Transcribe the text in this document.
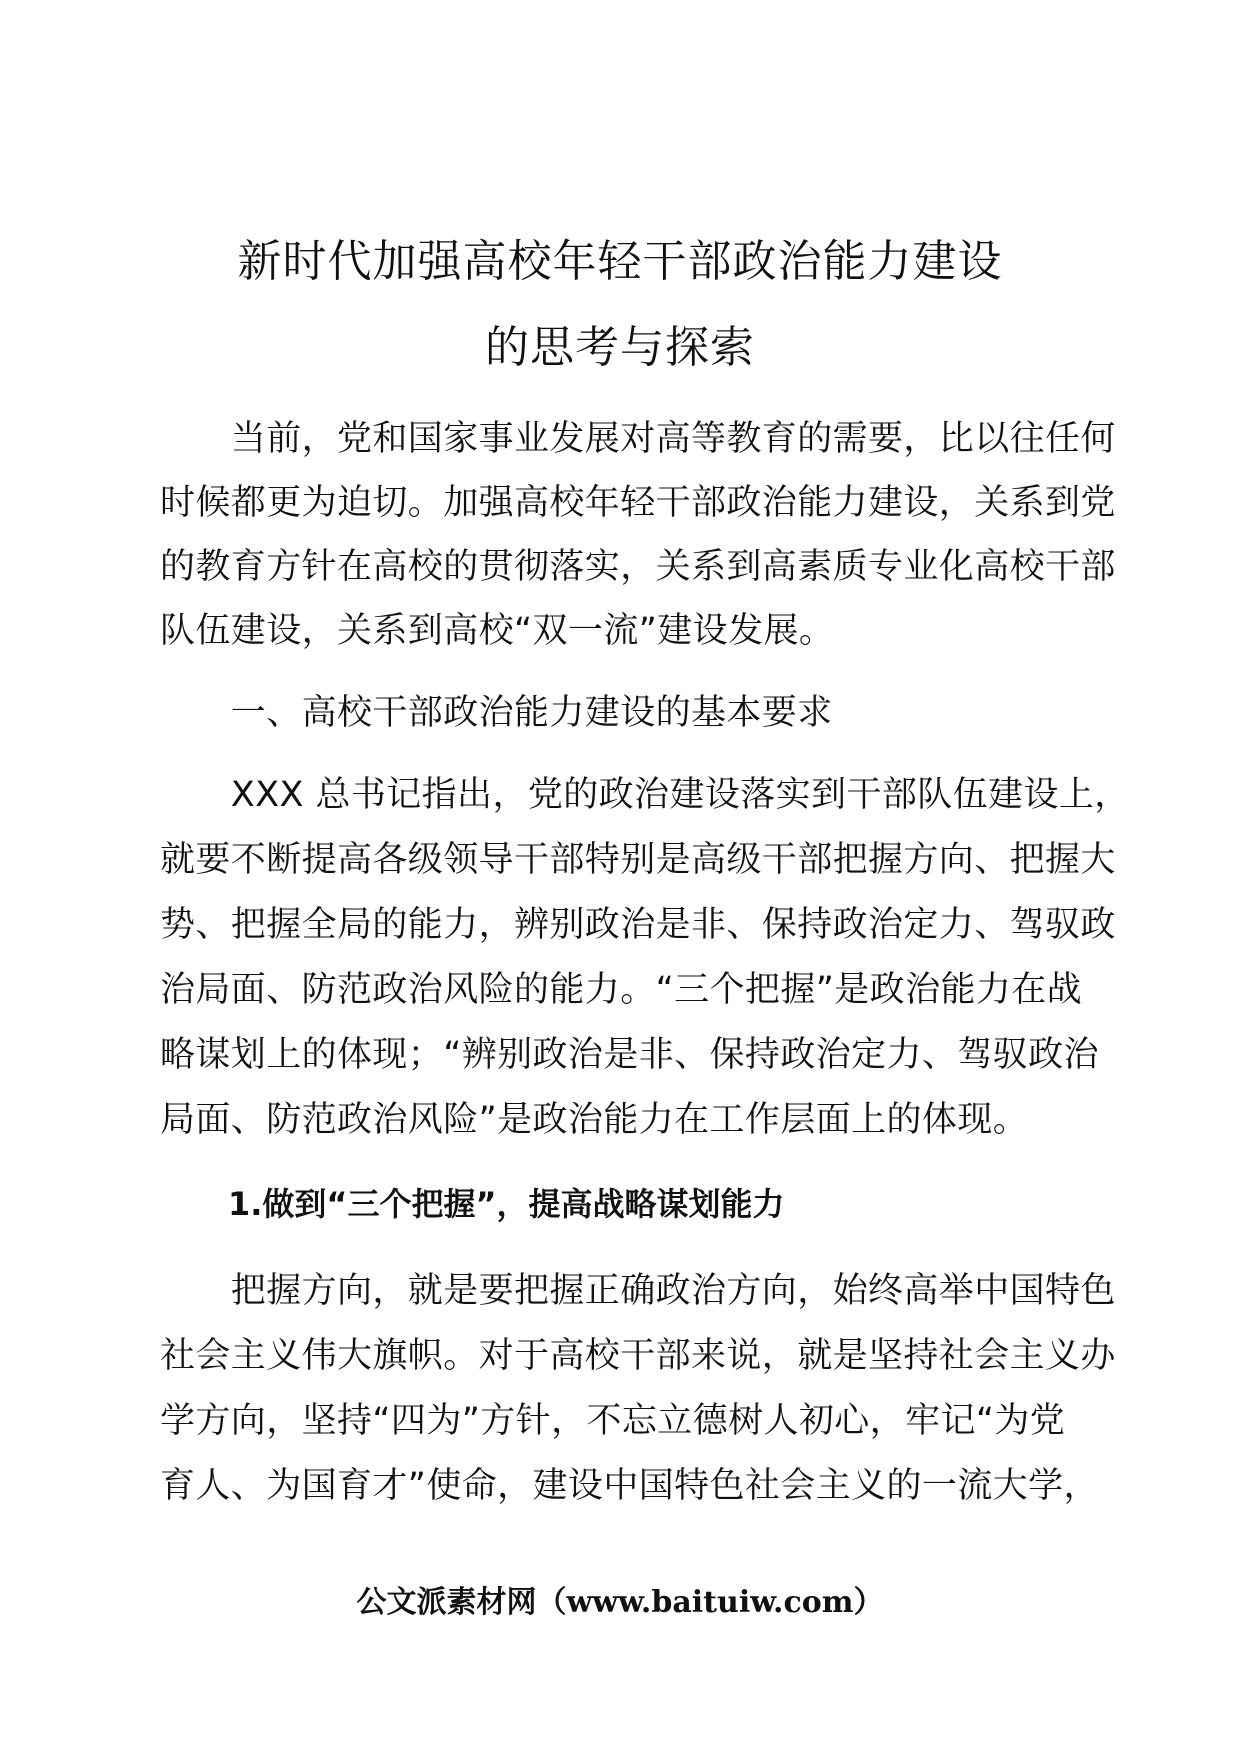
新时代加强高校年轻干部政治能力建设
的思考与探索
　　当前，党和国家事业发展对高等教育的需要，比以往任何
时候都更为迫切。加强高校年轻干部政治能力建设，关系到党
的教育方针在高校的贯彻落实，关系到高素质专业化高校干部
队伍建设，关系到高校“双一流”建设发展。
　　一、高校干部政治能力建设的基本要求
　　XXX 总书记指出，党的政治建设落实到干部队伍建设上，
就要不断提高各级领导干部特别是高级干部把握方向、把握大
势、把握全局的能力，辨别政治是非、保持政治定力、驾驭政
治局面、防范政治风险的能力。“三个把握”是政治能力在战
略谋划上的体现；“辨别政治是非、保持政治定力、驾驭政治
局面、防范政治风险”是政治能力在工作层面上的体现。
1.做到“三个把握”，提高战略谋划能力
　　把握方向，就是要把握正确政治方向，始终高举中国特色
社会主义伟大旗帜。对于高校干部来说，就是坚持社会主义办
学方向，坚持“四为”方针，不忘立德树人初心，牢记“为党
育人、为国育才”使命，建设中国特色社会主义的一流大学，
公文派素材网（www.baituiw.com）
